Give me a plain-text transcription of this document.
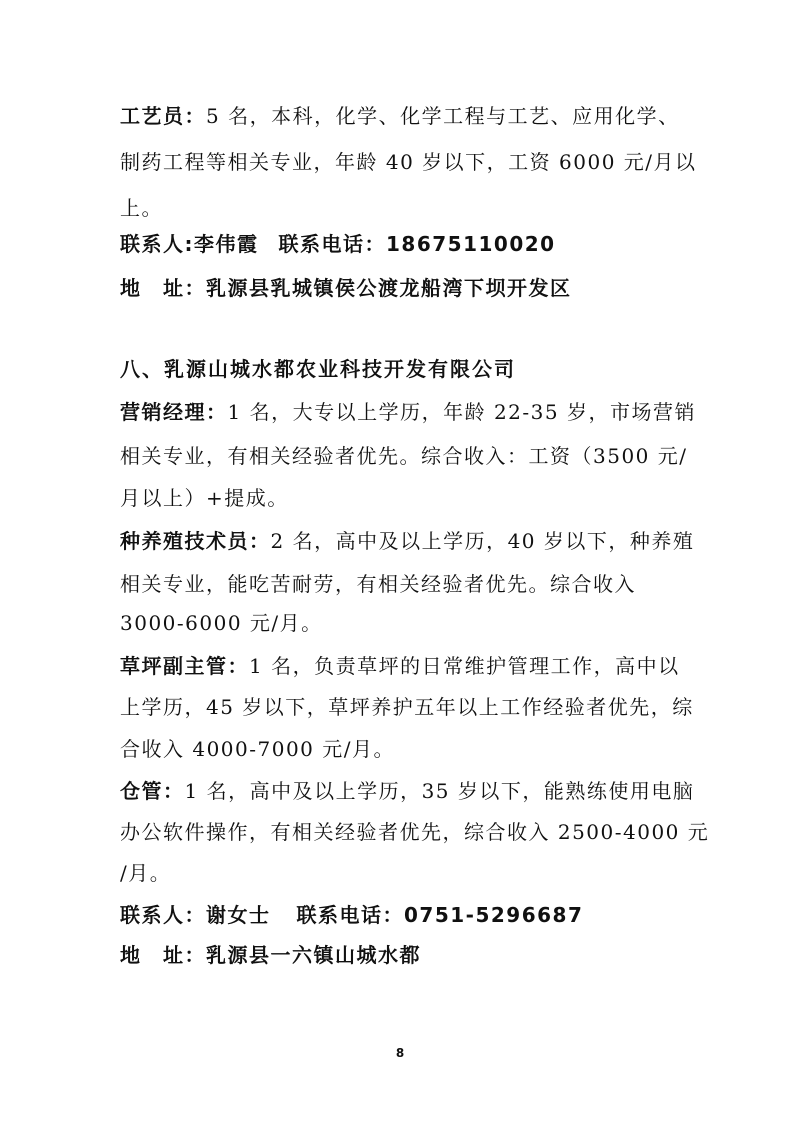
工艺员：5 名，本科，化学、化学工程与工艺、应用化学、
制药工程等相关专业，年龄 40 岁以下，工资 6000 元/月以
上。
联系人:李伟霞 联系电话：18675110020
地　址：乳源县乳城镇侯公渡龙船湾下坝开发区
八、乳源山城水都农业科技开发有限公司
营销经理：1 名，大专以上学历，年龄 22-35 岁，市场营销
相关专业，有相关经验者优先。综合收入：工资（3500 元/
月以上）+提成。
种养殖技术员：2 名，高中及以上学历，40 岁以下，种养殖
相关专业，能吃苦耐劳，有相关经验者优先。综合收入
3000-6000 元/月。
草坪副主管：1 名，负责草坪的日常维护管理工作，高中以
上学历，45 岁以下，草坪养护五年以上工作经验者优先，综
合收入 4000-7000 元/月。
仓管：1 名，高中及以上学历，35 岁以下，能熟练使用电脑
办公软件操作，有相关经验者优先，综合收入 2500-4000 元
/月。
联系人：谢女士 联系电话：0751-5296687
地　址：乳源县一六镇山城水都
8
